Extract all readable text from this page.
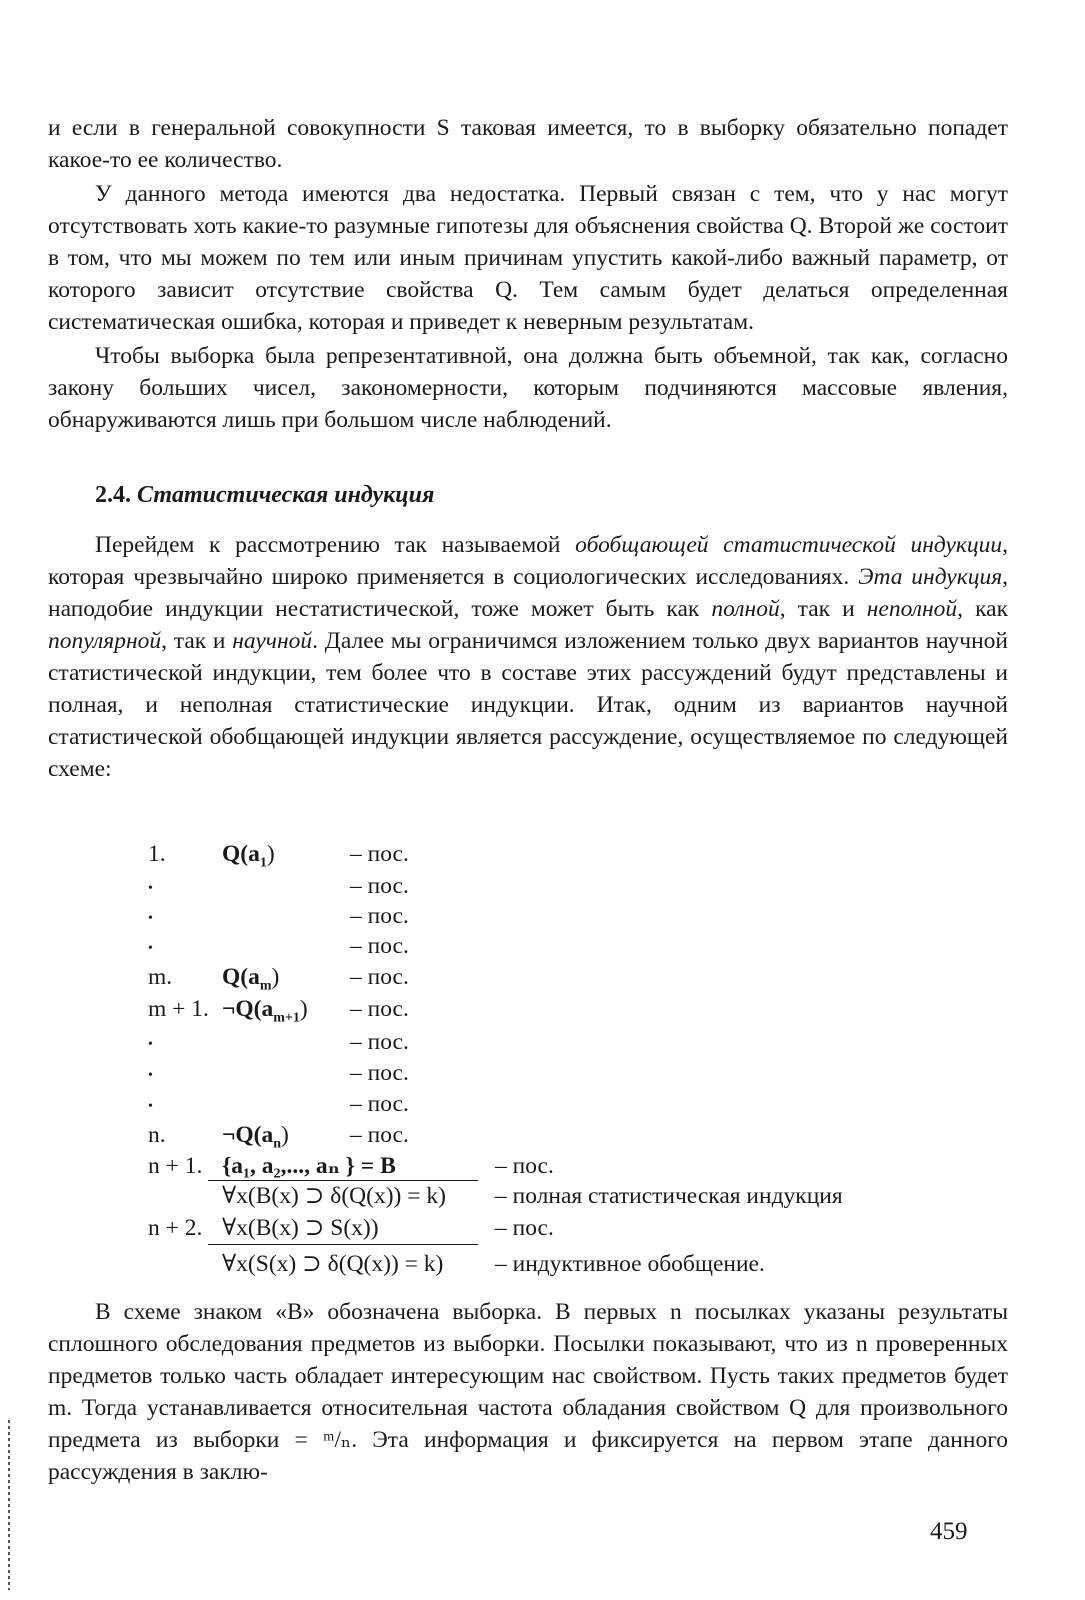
и если в генеральной совокупности S таковая имеется, то в выборку обязательно попадет какое-то ее количество.

У данного метода имеются два недостатка. Первый связан с тем, что у нас могут отсутствовать хоть какие-то разумные гипотезы для объяснения свойства Q. Второй же состоит в том, что мы можем по тем или иным причинам упустить какой-либо важный параметр, от которого зависит отсутствие свойства Q. Тем самым будет делаться определенная систематическая ошибка, которая и приведет к неверным результатам.

Чтобы выборка была репрезентативной, она должна быть объемной, так как, согласно закону больших чисел, закономерности, которым подчиняются массовые явления, обнаруживаются лишь при большом числе наблюдений.

2.4. Статистическая индукция

Перейдем к рассмотрению так называемой обобщающей статистической индукции, которая чрезвычайно широко применяется в социологических исследованиях. Эта индукция, наподобие индукции нестатистической, тоже может быть как полной, так и неполной, как популярной, так и научной. Далее мы ограничимся изложением только двух вариантов научной статистической индукции, тем более что в составе этих рассуждений будут представлены и полная, и неполная статистические индукции. Итак, одним из вариантов научной статистической обобщающей индукции является рассуждение, осуществляемое по следующей схеме:

1. $Q(a_1)$	– пос.
•	– пос.
•	– пос.
•	– пос.
m. $Q(a_m)$	– пос.
m + 1. $\neg Q(a_{m+1})$ – пос.
•	– пос.
•	– пос.
•	– пос.
n. $\neg Q(a_n)$	– пос.
n + 1. {a₁, a₂,..., aₙ } = B	– пос.
∀x(B(x) ⊃ δ(Q(x)) = k) – полная статистическая индукция
n + 2. ∀x(B(x) ⊃ S(x))	– пос.
∀x(S(x) ⊃ δ(Q(x)) = k) – индуктивное обобщение.

В схеме знаком «B» обозначена выборка. В первых n посылках указаны результаты сплошного обследования предметов из выборки. Посылки показывают, что из n проверенных предметов только часть обладает интересующим нас свойством. Пусть таких предметов будет m. Тогда устанавливается относительная частота обладания свойством Q для произвольного предмета из выборки = ᵐ/ₙ. Эта информация и фиксируется на первом этапе данного рассуждения в заклю-

459
